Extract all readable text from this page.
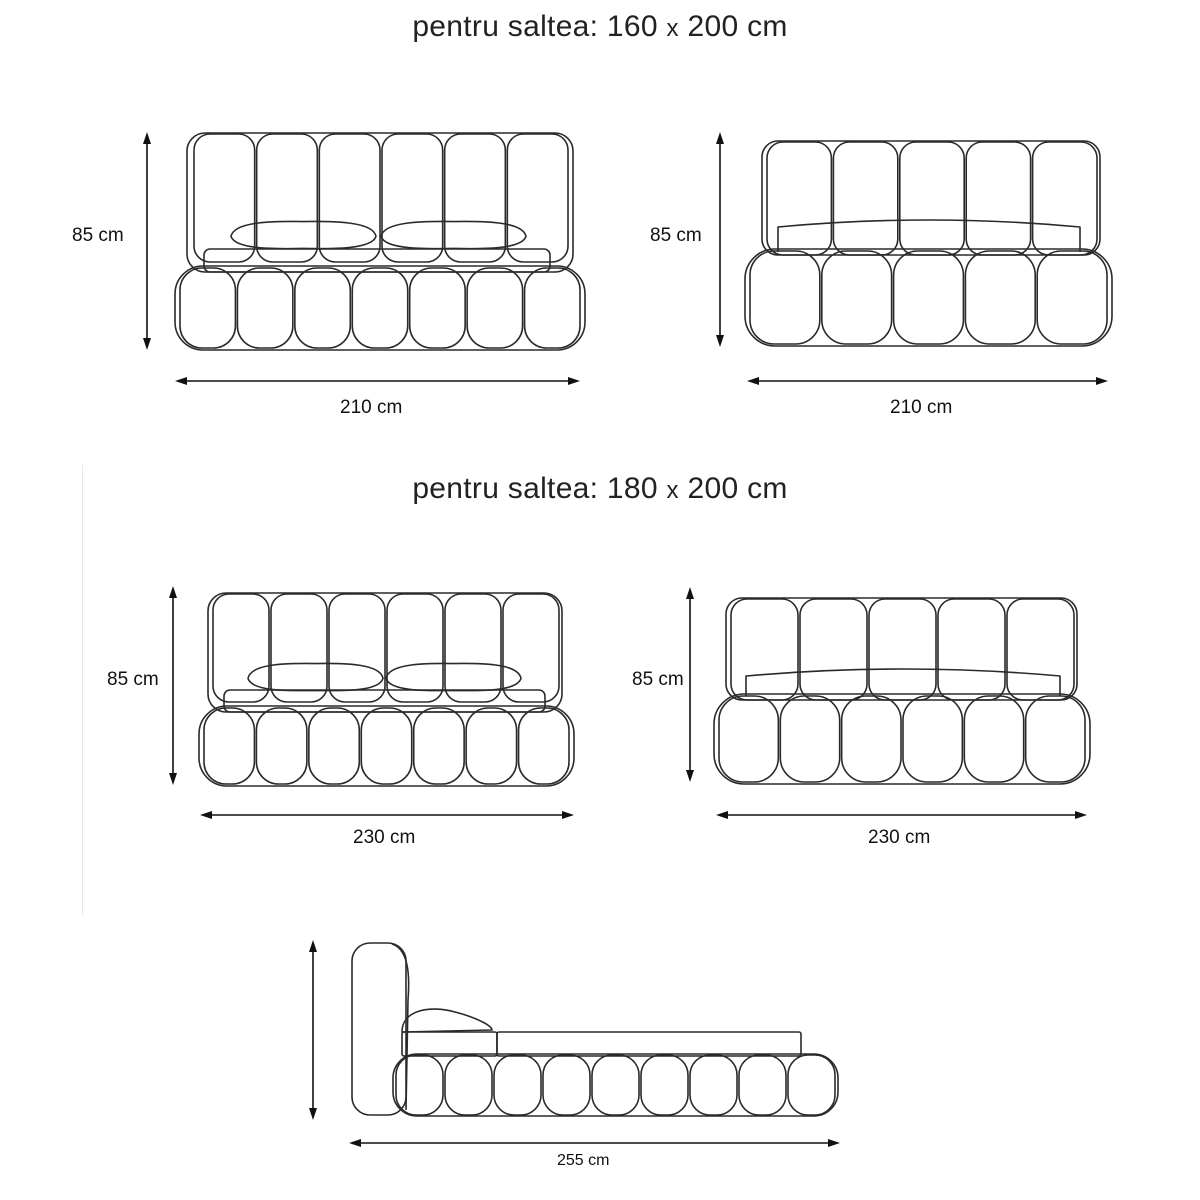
pentru saltea: 160 x 200 cm
pentru saltea: 180 x 200 cm
85 cm
210 cm
85 cm
210 cm
85 cm
230 cm
85 cm
230 cm
255 cm
